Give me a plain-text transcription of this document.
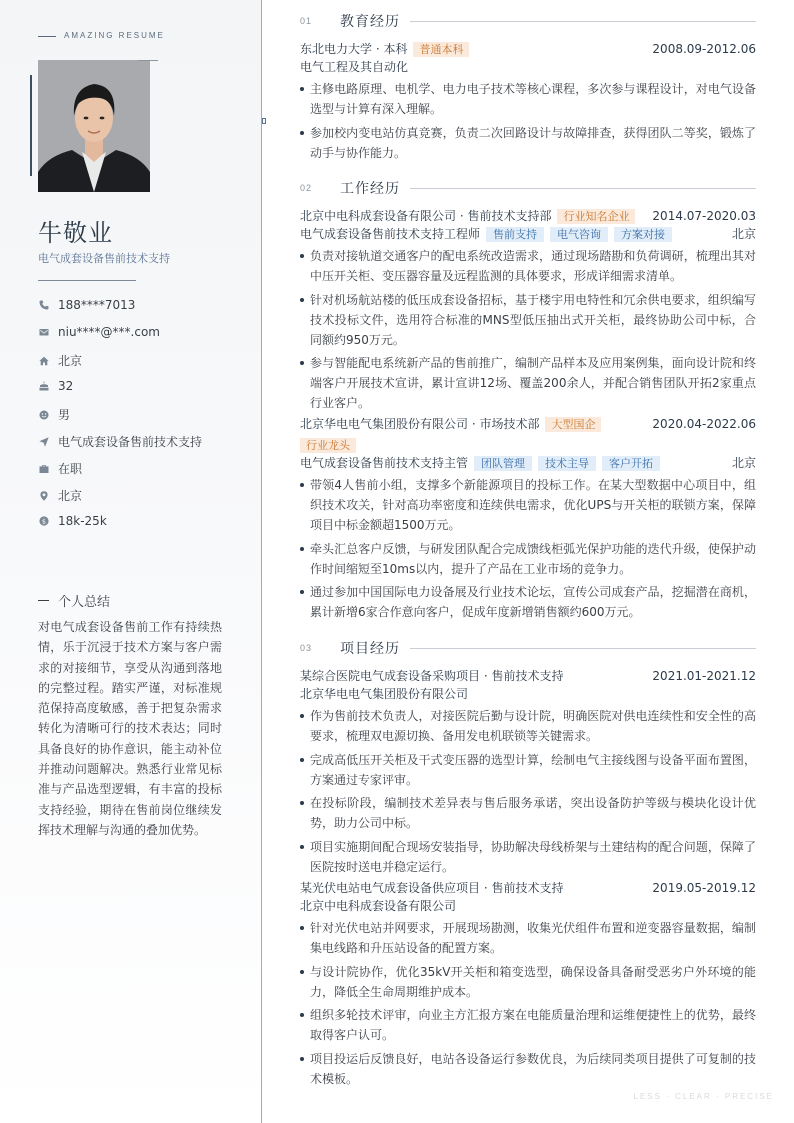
AMAZING RESUME
牛敬业
电气成套设备售前技术支持
188****7013
niu****@***.com
北京
32
男
电气成套设备售前技术支持
在职
北京
$ 18k-25k
个人总结
对电气成套设备售前工作有持续热情，乐于沉浸于技术方案与客户需求的对接细节，享受从沟通到落地的完整过程。踏实严谨，对标准规范保持高度敏感，善于把复杂需求转化为清晰可行的技术表达；同时具备良好的协作意识，能主动补位并推动问题解决。熟悉行业常见标准与产品选型逻辑，有丰富的投标支持经验，期待在售前岗位继续发挥技术理解与沟通的叠加优势。
01	教育经历
东北电力大学 · 本科	普通本科	2008.09-2012.06
电气工程及其自动化
主修电路原理、电机学、电力电子技术等核心课程，多次参与课程设计，对电气设备选型与计算有深入理解。
参加校内变电站仿真竞赛，负责二次回路设计与故障排查，获得团队二等奖，锻炼了动手与协作能力。
02	工作经历
北京中电科成套设备有限公司 · 售前技术支持部	行业知名企业	2014.07-2020.03
电气成套设备售前技术支持工程师	售前支持	电气咨询	方案对接	北京
负责对接轨道交通客户的配电系统改造需求，通过现场踏勘和负荷调研，梳理出其对中压开关柜、变压器容量及远程监测的具体要求，形成详细需求清单。
针对机场航站楼的低压成套设备招标，基于楼宇用电特性和冗余供电要求，组织编写技术投标文件，选用符合标准的MNS型低压抽出式开关柜，最终协助公司中标，合同额约950万元。
参与智能配电系统新产品的售前推广，编制产品样本及应用案例集，面向设计院和终端客户开展技术宣讲，累计宣讲12场、覆盖200余人，并配合销售团队开拓2家重点行业客户。
北京华电电气集团股份有限公司 · 市场技术部	大型国企	2020.04-2022.06
行业龙头
电气成套设备售前技术支持主管	团队管理	技术主导	客户开拓	北京
带领4人售前小组，支撑多个新能源项目的投标工作。在某大型数据中心项目中，组织技术攻关，针对高功率密度和连续供电需求，优化UPS与开关柜的联锁方案，保障项目中标金额超1500万元。
牵头汇总客户反馈，与研发团队配合完成馈线柜弧光保护功能的迭代升级，使保护动作时间缩短至10ms以内，提升了产品在工业市场的竞争力。
通过参加中国国际电力设备展及行业技术论坛，宣传公司成套产品，挖掘潜在商机，累计新增6家合作意向客户，促成年度新增销售额约600万元。
03	项目经历
某综合医院电气成套设备采购项目 · 售前技术支持	2021.01-2021.12
北京华电电气集团股份有限公司
作为售前技术负责人，对接医院后勤与设计院，明确医院对供电连续性和安全性的高要求，梳理双电源切换、备用发电机联锁等关键需求。
完成高低压开关柜及干式变压器的选型计算，绘制电气主接线图与设备平面布置图，方案通过专家评审。
在投标阶段，编制技术差异表与售后服务承诺，突出设备防护等级与模块化设计优势，助力公司中标。
项目实施期间配合现场安装指导，协助解决母线桥架与土建结构的配合问题，保障了医院按时送电并稳定运行。
某光伏电站电气成套设备供应项目 · 售前技术支持	2019.05-2019.12
北京中电科成套设备有限公司
针对光伏电站并网要求，开展现场勘测，收集光伏组件布置和逆变器容量数据，编制集电线路和升压站设备的配置方案。
与设计院协作，优化35kV开关柜和箱变选型，确保设备具备耐受恶劣户外环境的能力，降低全生命周期维护成本。
组织多轮技术评审，向业主方汇报方案在电能质量治理和运维便捷性上的优势，最终取得客户认可。
项目投运后反馈良好，电站各设备运行参数优良，为后续同类项目提供了可复制的技术模板。
LESS · CLEAR · PRECISE
